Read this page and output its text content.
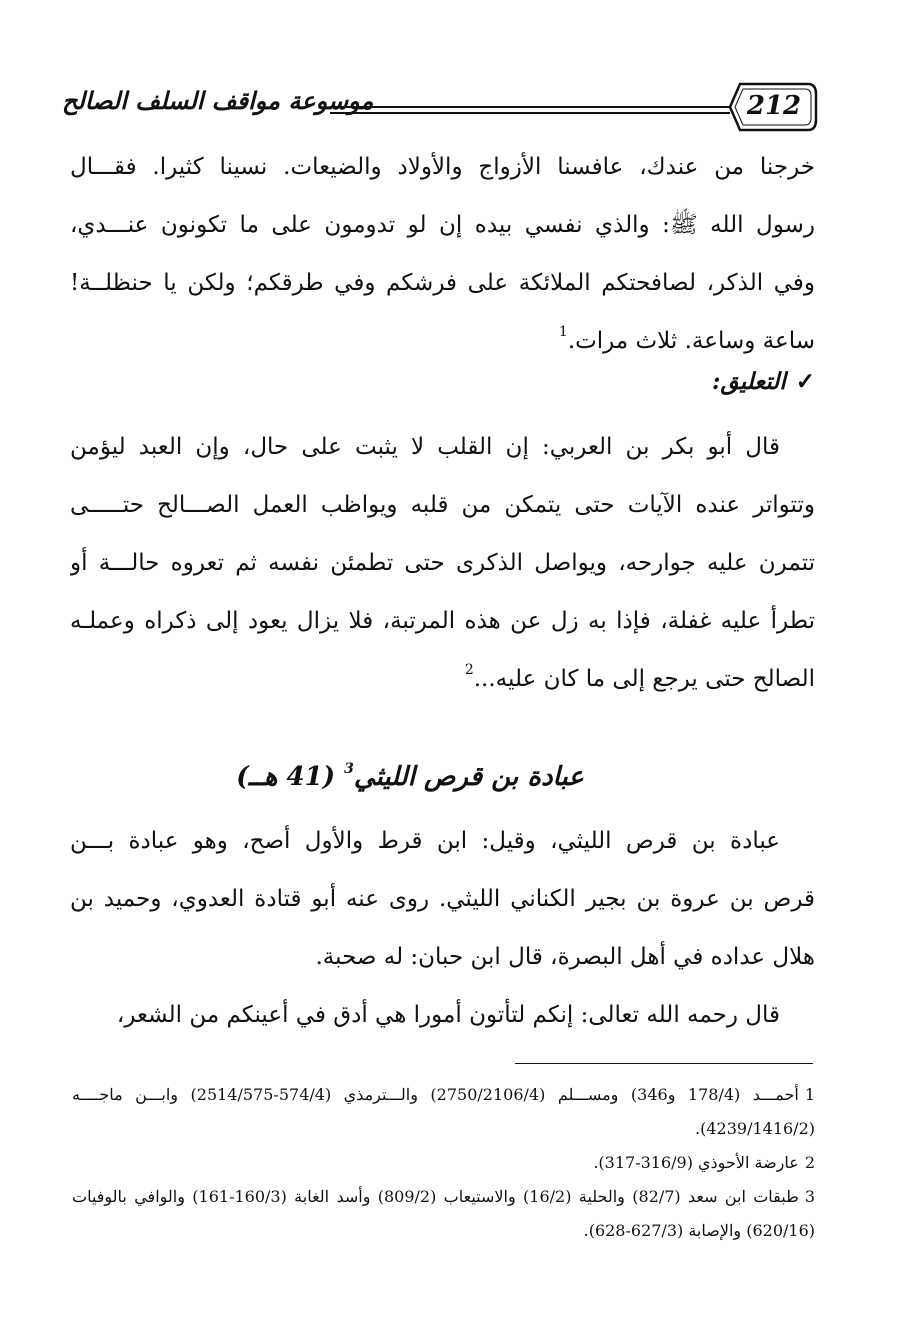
موسوعة مواقف السلف الصالح	212
خرجنا من عندك، عافسنا الأزواج والأولاد والضيعات. نسينا كثيرا. فقـــال
رسول الله ﷺ: والذي نفسي بيده إن لو تدومون على ما تكونون عنـــدي،
وفي الذكر، لصافحتكم الملائكة على فرشكم وفي طرقكم؛ ولكن يا حنظلــة!
ساعة وساعة. ثلاث مرات.$^1$
✓التعليق:
قال أبو بكر بن العربي: إن القلب لا يثبت على حال، وإن العبد ليؤمن
وتتواتر عنده الآيات حتى يتمكن من قلبه ويواظب العمل الصـــالح حتـــــى
تتمرن عليه جوارحه، ويواصل الذكرى حتى تطمئن نفسه ثم تعروه حالـــة أو
تطرأ عليه غفلة، فإذا به زل عن هذه المرتبة، فلا يزال يعود إلى ذكراه وعملـه
الصالح حتى يرجع إلى ما كان عليه...$^2$
عبادة بن قرص الليثي$^3$ (41 هــ)
عبادة بن قرص الليثي، وقيل: ابن قرط والأول أصح، وهو عبادة بـــن
قرص بن عروة بن بجير الكناني الليثي. روى عنه أبو قتادة العدوي، وحميد بن
هلال عداده في أهل البصرة، قال ابن حبان: له صحبة.
قال رحمه الله تعالى: إنكم لتأتون أمورا هي أدق في أعينكم من الشعر،
1أحمـــد (178/4 و346) ومســـلم (2750/2106/4) والـــترمذي (574/4-2514/575) وابـــن ماجــــه
(4239/1416/2).
2عارضة الأحوذي (316/9-317).
3طبقات ابن سعد (82/7) والحلية (16/2) والاستيعاب (809/2) وأسد الغابة (160/3-161) والوافي بالوفيات
(620/16) والإصابة (627/3-628).
